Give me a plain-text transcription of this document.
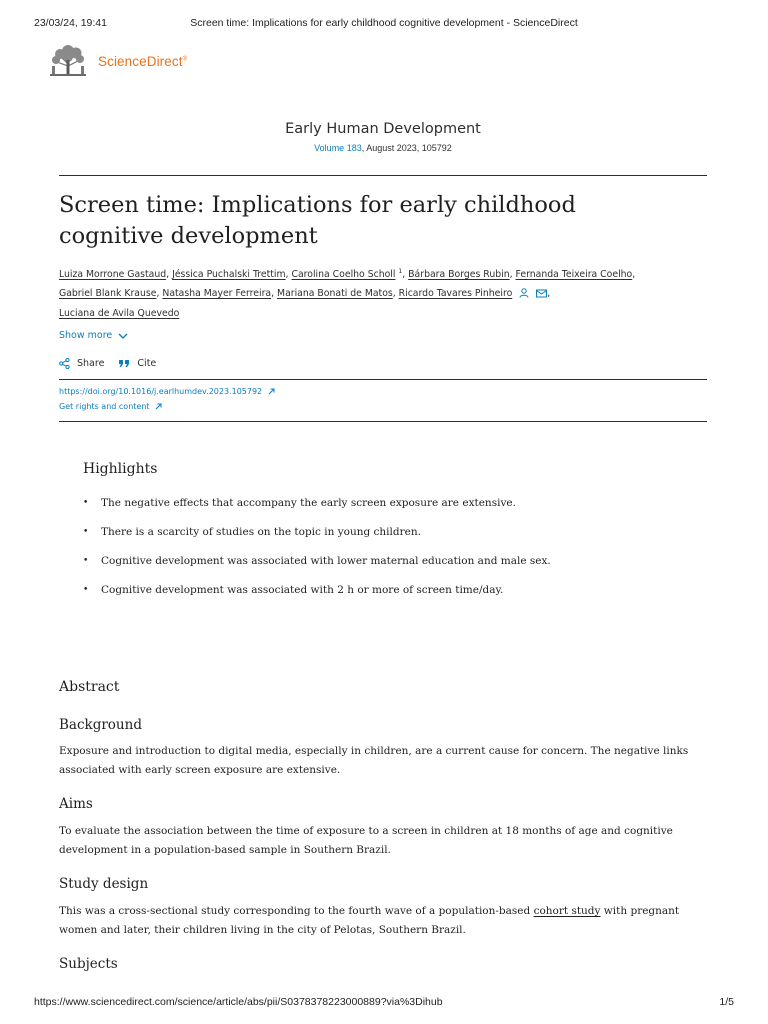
23/03/24, 19:41	Screen time: Implications for early childhood cognitive development - ScienceDirect
ScienceDirect®
Early Human Development
Volume 183, August 2023, 105792
Screen time: Implications for early childhood cognitive development
Luiza Morrone Gastaud, Jéssica Puchalski Trettim, Carolina Coelho Scholl $^1$, Bárbara Borges Rubin, Fernanda Teixeira Coelho,
Gabriel Blank Krause, Natasha Mayer Ferreira, Mariana Bonati de Matos, Ricardo Tavares Pinheiro	,
Luciana de Avila Quevedo
Show more
Share	Cite
https://doi.org/10.1016/j.earlhumdev.2023.105792
Get rights and content
Highlights
• The negative effects that accompany the early screen exposure are extensive.
• There is a scarcity of studies on the topic in young children.
• Cognitive development was associated with lower maternal education and male sex.
• Cognitive development was associated with 2 h or more of screen time/day.
Abstract
Background

Exposure and introduction to digital media, especially in children, are a current cause for concern. The negative links associated with early screen exposure are extensive.

Aims

To evaluate the association between the time of exposure to a screen in children at 18 months of age and cognitive development in a population-based sample in Southern Brazil.

Study design

This was a cross-sectional study corresponding to the fourth wave of a population-based cohort study with pregnant women and later, their children living in the city of Pelotas, Southern Brazil.

Subjects
https://www.sciencedirect.com/science/article/abs/pii/S0378378223000889?via%3Dihub	1/5
